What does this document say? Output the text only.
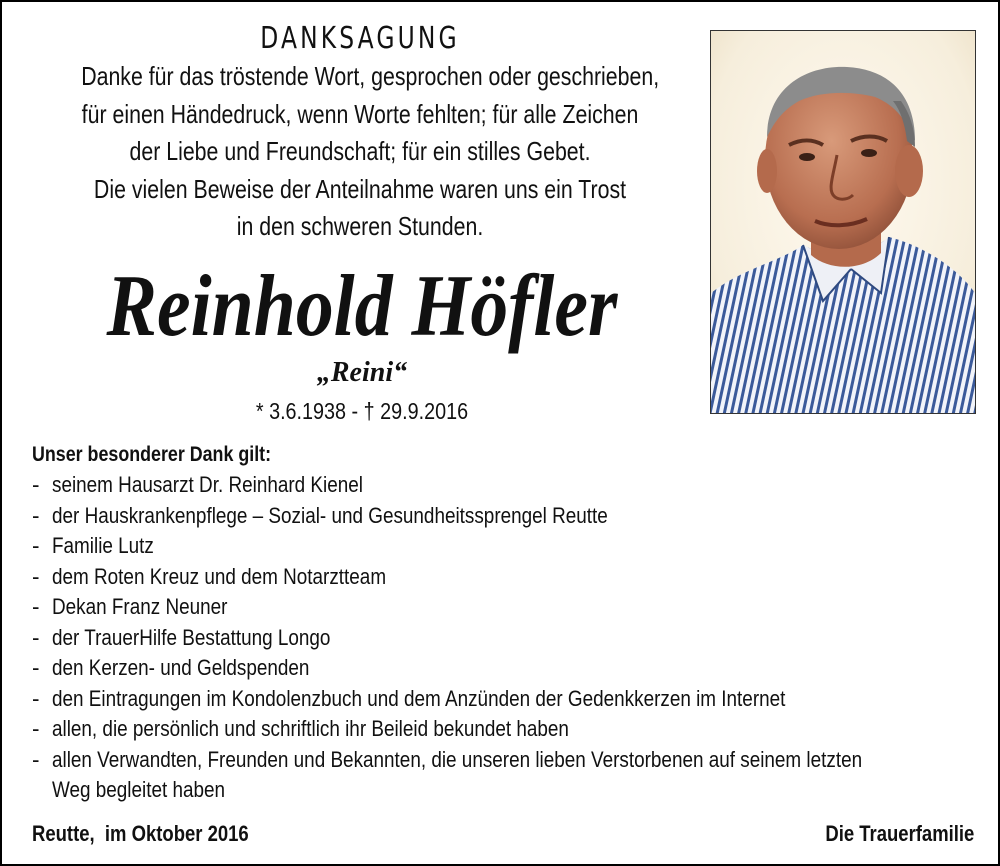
DANKSAGUNG
Danke für das tröstende Wort, gesprochen oder geschrieben,
für einen Händedruck, wenn Worte fehlten; für alle Zeichen
der Liebe und Freundschaft; für ein stilles Gebet.
Die vielen Beweise der Anteilnahme waren uns ein Trost
in den schweren Stunden.
Reinhold Höfler
„Reini“
* 3.6.1938 - † 29.9.2016
Unser besonderer Dank gilt:
- seinem Hausarzt Dr. Reinhard Kienel
- der Hauskrankenpflege – Sozial- und Gesundheitssprengel Reutte
- Familie Lutz
- dem Roten Kreuz und dem Notarztteam
- Dekan Franz Neuner
- der TrauerHilfe Bestattung Longo
- den Kerzen- und Geldspenden
- den Eintragungen im Kondolenzbuch und dem Anzünden der Gedenkkerzen im Internet
- allen, die persönlich und schriftlich ihr Beileid bekundet haben
- allen Verwandten, Freunden und Bekannten, die unseren lieben Verstorbenen auf seinem letzten
Weg begleitet haben
Reutte,  im Oktober 2016	Die Trauerfamilie
